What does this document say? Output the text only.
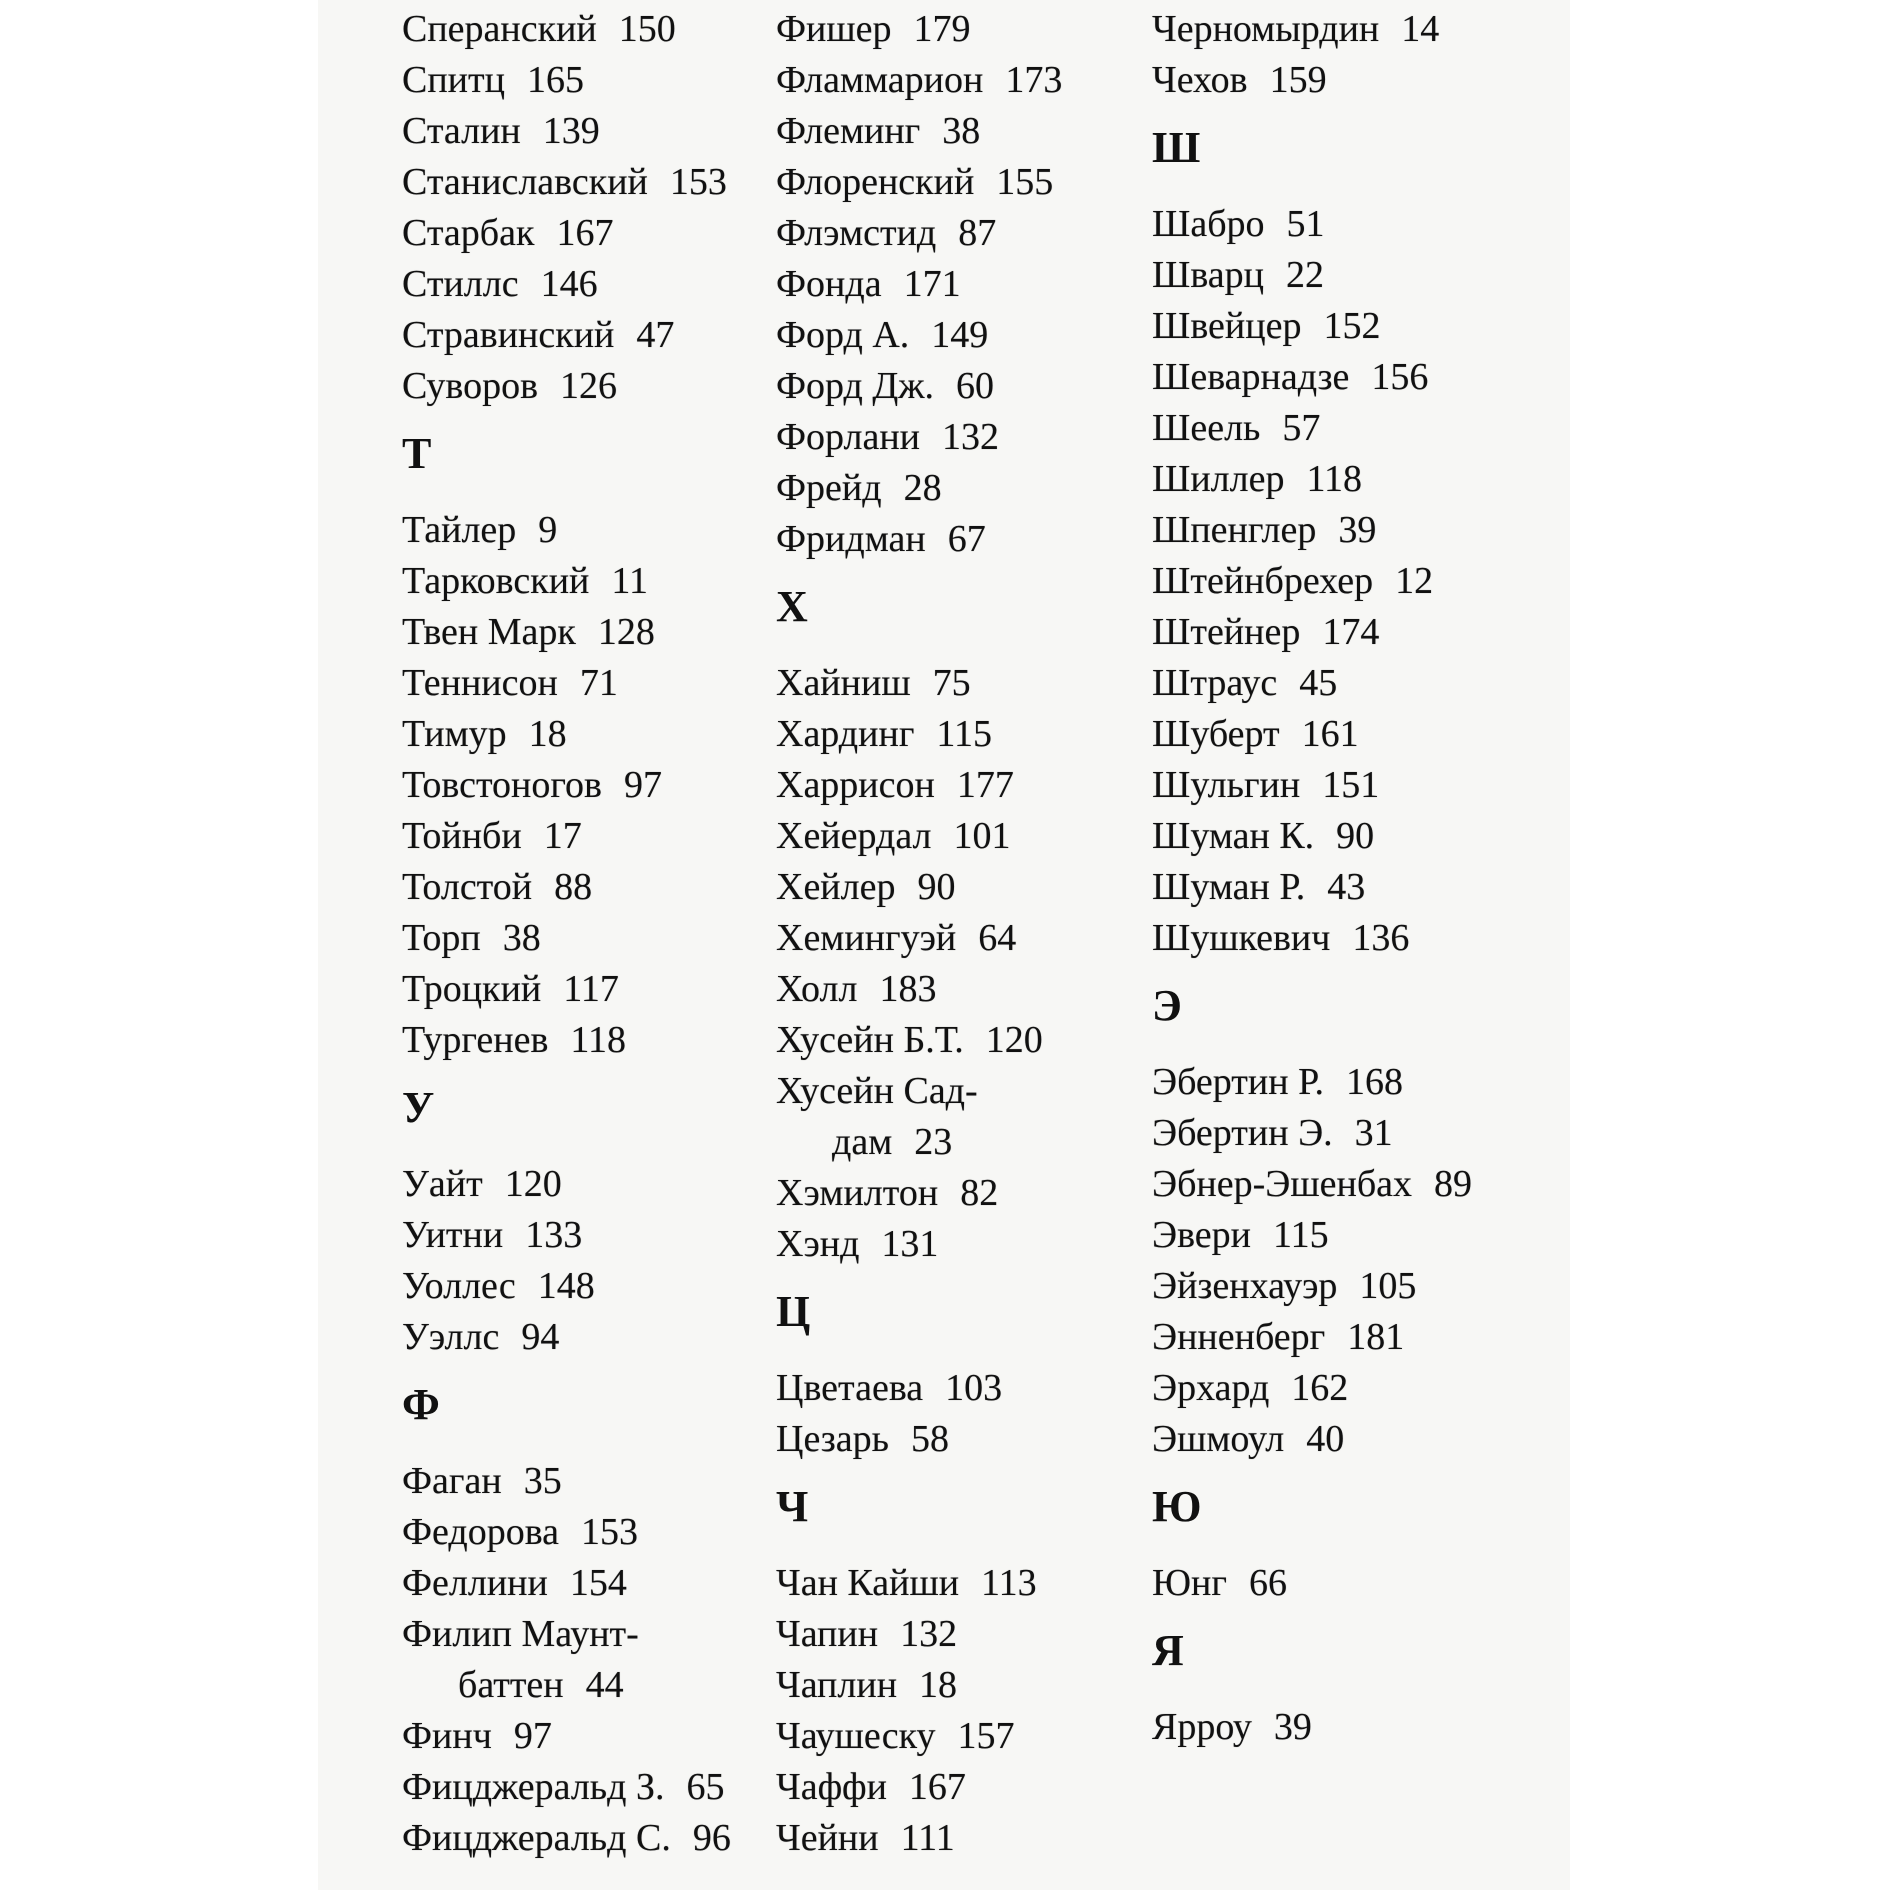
Сперанский 150
Спитц 165
Сталин 139
Станиславский 153
Старбак 167
Стиллс 146
Стравинский 47
Суворов 126
Т
Тайлер 9
Тарковский 11
Твен Марк 128
Теннисон 71
Тимур 18
Товстоногов 97
Тойнби 17
Толстой 88
Торп 38
Троцкий 117
Тургенев 118
У
Уайт 120
Уитни 133
Уоллес 148
Уэллс 94
Ф
Фаган 35
Федорова 153
Феллини 154
Филип Маунт-
баттен 44
Финч 97
Фицджеральд З. 65
Фицджеральд С. 96
Фишер 179
Фламмарион 173
Флеминг 38
Флоренский 155
Флэмстид 87
Фонда 171
Форд А. 149
Форд Дж. 60
Форлани 132
Фрейд 28
Фридман 67
Х
Хайниш 75
Хардинг 115
Харрисон 177
Хейердал 101
Хейлер 90
Хемингуэй 64
Холл 183
Хусейн Б.Т. 120
Хусейн Сад-
дам 23
Хэмилтон 82
Хэнд 131
Ц
Цветаева 103
Цезарь 58
Ч
Чан Кайши 113
Чапин 132
Чаплин 18
Чаушеску 157
Чаффи 167
Чейни 111
Черномырдин 14
Чехов 159
Ш
Шабро 51
Шварц 22
Швейцер 152
Шеварнадзе 156
Шеель 57
Шиллер 118
Шпенглер 39
Штейнбрехер 12
Штейнер 174
Штраус 45
Шуберт 161
Шульгин 151
Шуман К. 90
Шуман Р. 43
Шушкевич 136
Э
Эбертин Р. 168
Эбертин Э. 31
Эбнер-Эшенбах 89
Эвери 115
Эйзенхауэр 105
Энненберг 181
Эрхард 162
Эшмоул 40
Ю
Юнг 66
Я
Ярроу 39
